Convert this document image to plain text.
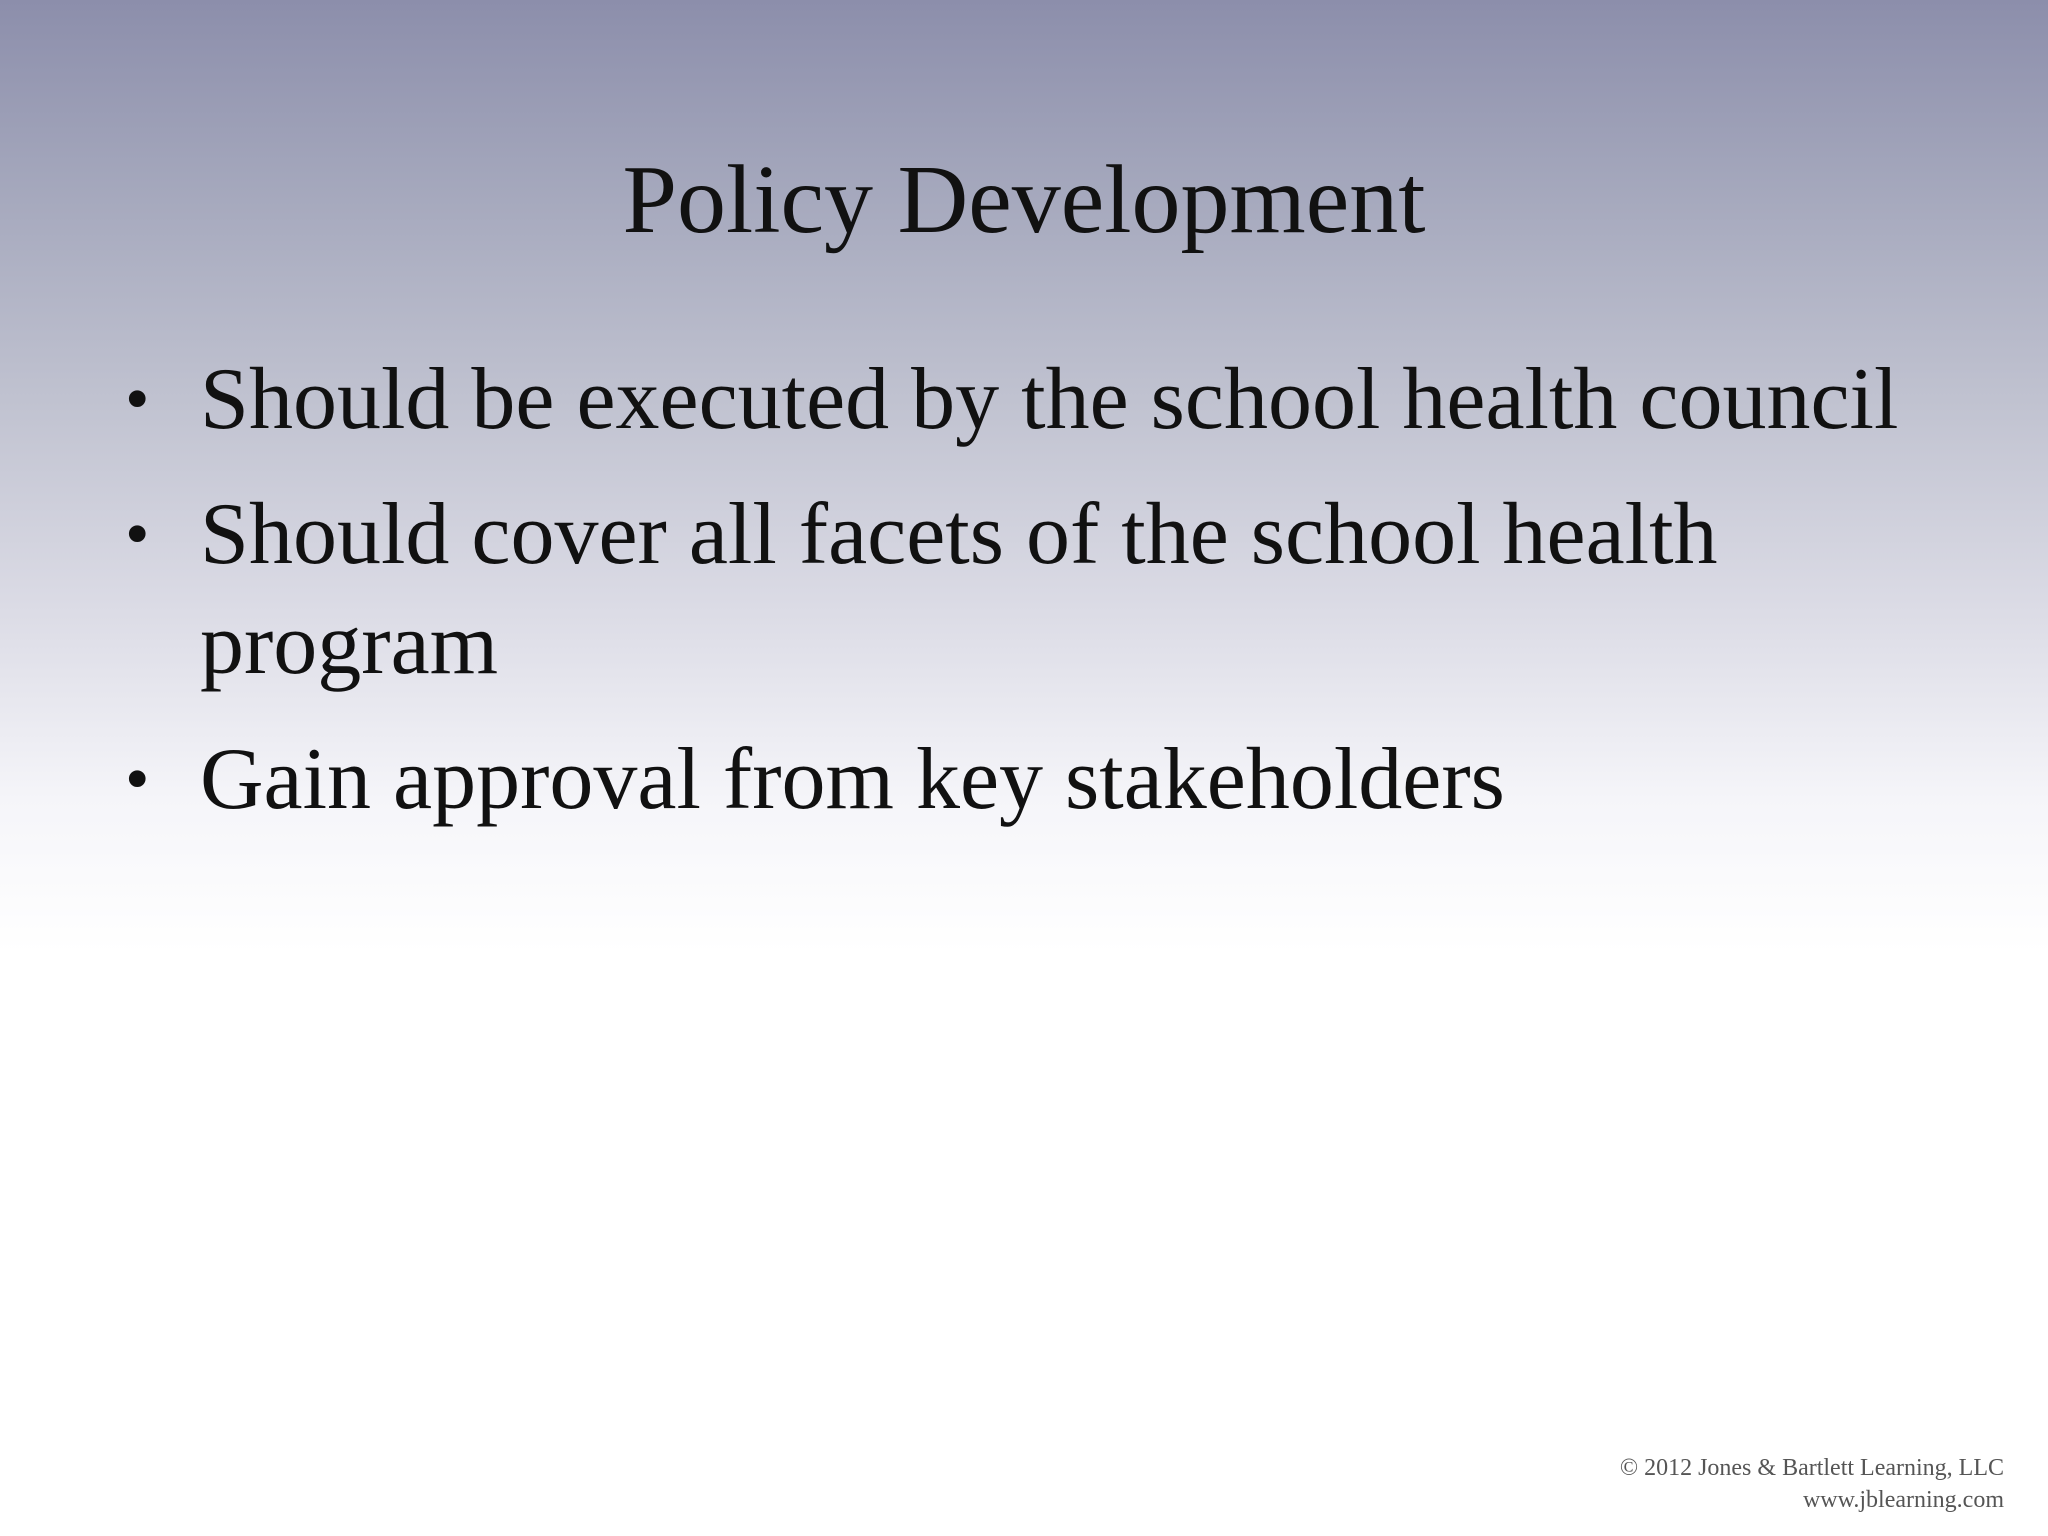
Policy Development
• Should be executed by the school health council
• Should cover all facets of the school health program
• Gain approval from key stakeholders
© 2012 Jones & Bartlett Learning, LLC
www.jblearning.com
